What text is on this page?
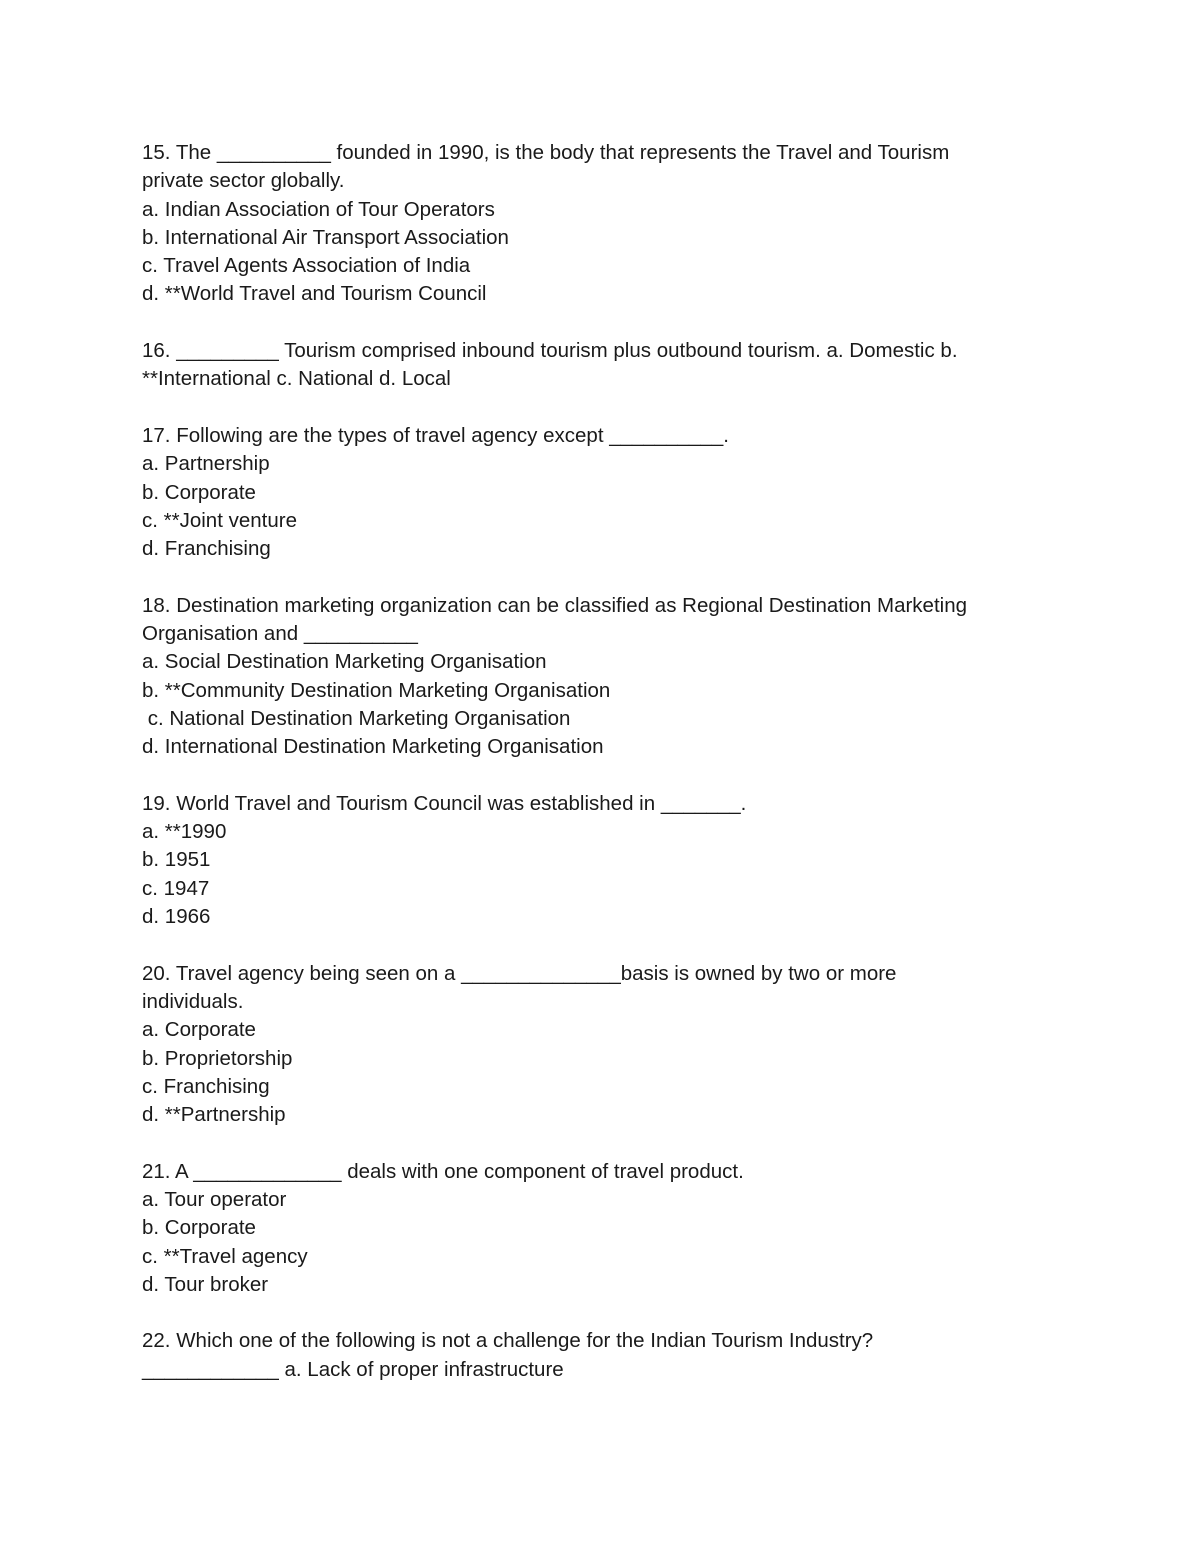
15. The __________ founded in 1990, is the body that represents the Travel and Tourism
private sector globally.
a. Indian Association of Tour Operators
b. International Air Transport Association
c. Travel Agents Association of India
d. **World Travel and Tourism Council
16. _________ Tourism comprised inbound tourism plus outbound tourism. a. Domestic b.
**International c. National d. Local
17. Following are the types of travel agency except __________.
a. Partnership
b. Corporate
c. **Joint venture
d. Franchising
18. Destination marketing organization can be classified as Regional Destination Marketing
Organisation and __________
a. Social Destination Marketing Organisation
b. **Community Destination Marketing Organisation
c. National Destination Marketing Organisation
d. International Destination Marketing Organisation
19. World Travel and Tourism Council was established in _______.
a. **1990
b. 1951
c. 1947
d. 1966
20. Travel agency being seen on a ______________basis is owned by two or more
individuals.
a. Corporate
b. Proprietorship
c. Franchising
d. **Partnership
21. A _____________ deals with one component of travel product.
a. Tour operator
b. Corporate
c. **Travel agency
d. Tour broker
22. Which one of the following is not a challenge for the Indian Tourism Industry?
____________ a. Lack of proper infrastructure
